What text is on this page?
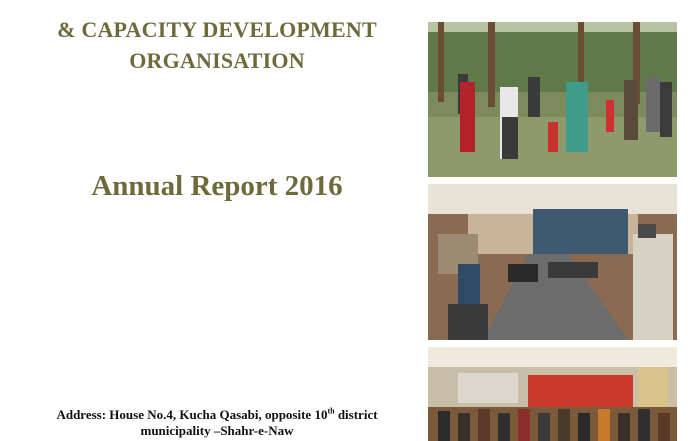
& CAPACITY DEVELOPMENT
ORGANISATION
Annual Report 2016
Address: House No.4, Kucha Qasabi, opposite 10th district
municipality –Shahr-e-Naw
